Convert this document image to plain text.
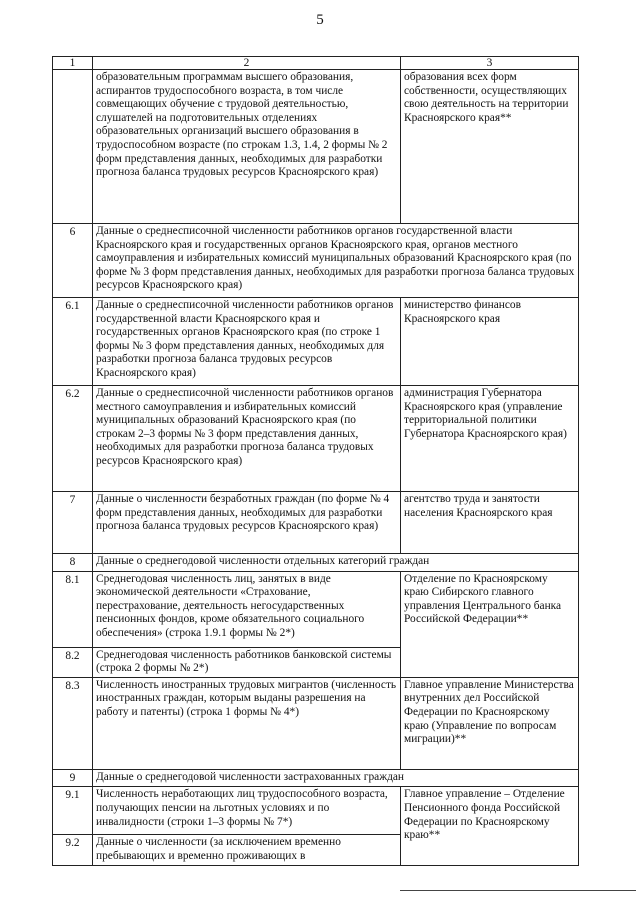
5
1	2	3
	образовательным программам высшего образования, аспирантов трудоспособного возраста, в том числе совмещающих обучение с трудовой деятельностью, слушателей на подготовительных отделениях образовательных организаций высшего образования в трудоспособном возрасте (по строкам 1.3, 1.4, 2 формы № 2 форм представления данных, необходимых для разработки прогноза баланса трудовых ресурсов Красноярского края)	образования всех форм собственности, осуществляющих свою деятельность на территории Красноярского края**
6	Данные о среднесписочной численности работников органов государственной власти Красноярского края и государственных органов Красноярского края, органов местного самоуправления и избирательных комиссий муниципальных образований Красноярского края (по форме № 3 форм представления данных, необходимых для разработки прогноза баланса трудовых ресурсов Красноярского края)	
6.1	Данные о среднесписочной численности работников органов государственной власти Красноярского края и государственных органов Красноярского края (по строке 1 формы № 3 форм представления данных, необходимых для разработки прогноза баланса трудовых ресурсов Красноярского края)	министерство финансов Красноярского края
6.2	Данные о среднесписочной численности работников органов местного самоуправления и избирательных комиссий муниципальных образований Красноярского края (по строкам 2–3 формы № 3 форм представления данных, необходимых для разработки прогноза баланса трудовых ресурсов Красноярского края)	администрация Губернатора Красноярского края (управление территориальной политики Губернатора Красноярского края)
7	Данные о численности безработных граждан (по форме № 4 форм представления данных, необходимых для разработки прогноза баланса трудовых ресурсов Красноярского края)	агентство труда и занятости населения Красноярского края
8	Данные о среднегодовой численности отдельных категорий граждан	
8.1	Среднегодовая численность лиц, занятых в виде экономической деятельности «Страхование, перестрахование, деятельность негосударственных пенсионных фондов, кроме обязательного социального обеспечения» (строка 1.9.1 формы № 2*)	Отделение по Красноярскому краю Сибирского главного управления Центрального банка Российской Федерации**
8.2	Среднегодовая численность работников банковской системы (строка 2 формы № 2*)	
8.3	Численность иностранных трудовых мигрантов (численность иностранных граждан, которым выданы разрешения на работу и патенты) (строка 1 формы № 4*)	Главное управление Министерства внутренних дел Российской Федерации по Красноярскому краю (Управление по вопросам миграции)**
9	Данные о среднегодовой численности застрахованных граждан	
9.1	Численность неработающих лиц трудоспособного возраста, получающих пенсии на льготных условиях и по инвалидности (строки 1–3 формы № 7*)	Главное управление – Отделение Пенсионного фонда Российской Федерации по Красноярскому краю**
9.2	Данные о численности (за исключением временно пребывающих и временно проживающих в	
